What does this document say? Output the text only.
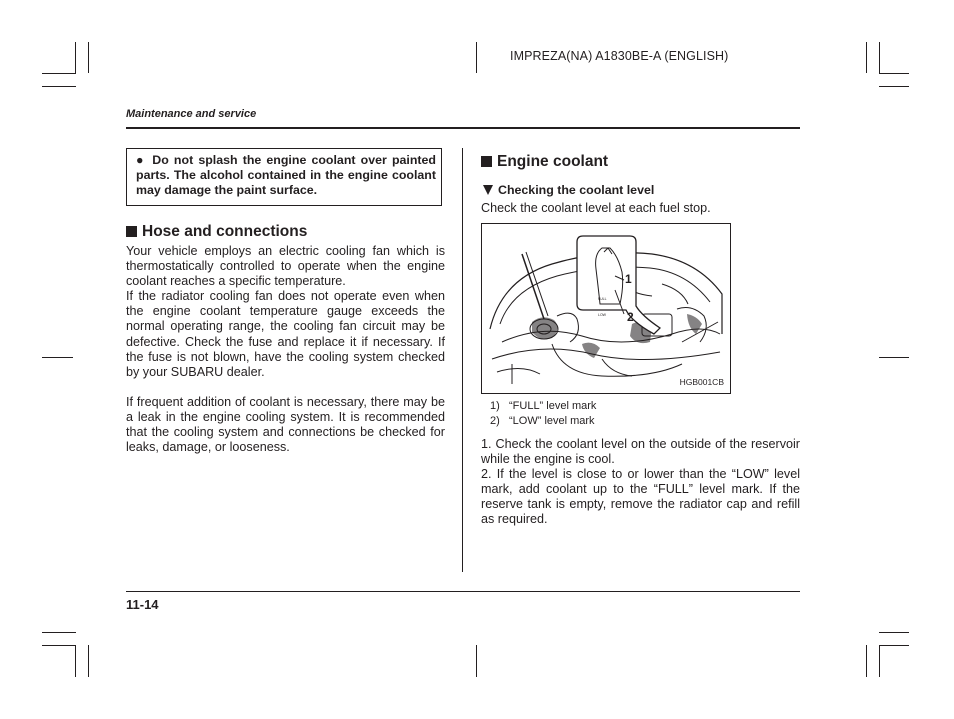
IMPREZA(NA) A1830BE-A (ENGLISH)
Maintenance and service
● Do not splash the engine coolant over painted parts. The alcohol contained in the engine coolant may damage the paint surface.
Hose and connections

Your vehicle employs an electric cooling fan which is thermostatically controlled to operate when the engine coolant reaches a specific temperature.

If the radiator cooling fan does not operate even when the engine coolant temperature gauge exceeds the normal operating range, the cooling fan circuit may be defective. Check the fuse and replace it if necessary. If the fuse is not blown, have the cooling system checked by your SUBARU dealer.

If frequent addition of coolant is necessary, there may be a leak in the engine cooling system. It is recommended that the cooling system and connections be checked for leaks, damage, or looseness.

Engine coolant
Checking the coolant level
Check the coolant level at each fuel stop.
FULL
LOW
1
2
HGB001CB
1) “FULL” level mark
2) “LOW” level mark

1. Check the coolant level on the outside of the reservoir while the engine is cool.

2. If the level is close to or lower than the “LOW” level mark, add coolant up to the “FULL” level mark. If the reserve tank is empty, remove the radiator cap and refill as required.

11-14
